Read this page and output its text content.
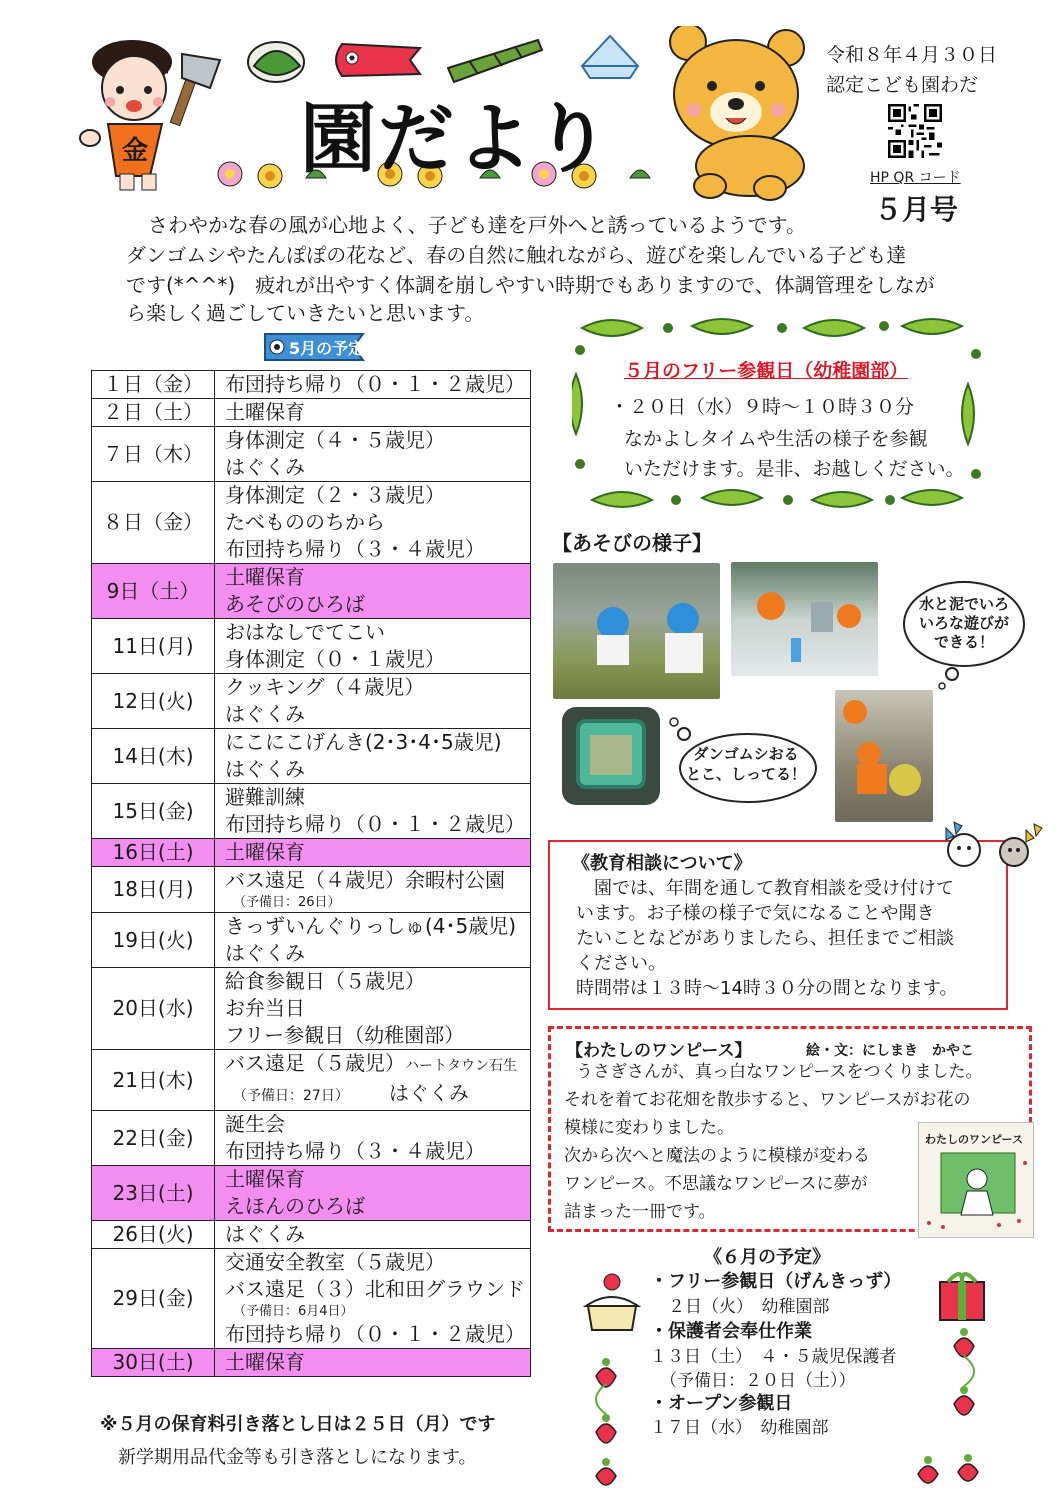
金 園だより
令和８年４月３０日
認定こども園わだ
HP QR コード
５月号
さわやかな春の風が心地よく、子ども達を戸外へと誘っているようです。
ダンゴムシやたんぽぽの花など、春の自然に触れながら、遊びを楽しんでいる子ども達
です(*^^*)　疲れが出やすく体調を崩しやすい時期でもありますので、体調管理をしなが
ら楽しく過ごしていきたいと思います。
5月の予定
１日（金）	布団持ち帰り（０・１・２歳児）

２日（土）	土曜保育

７日（木）	身体測定（４・５歳児）
はぐくみ

８日（金）	身体測定（２・３歳児）
たべもののちから
布団持ち帰り（３・４歳児）

9日（土）	土曜保育
あそびのひろば

11日(月)	おはなしでてこい
身体測定（０・１歳児）

12日(火)	クッキング（４歳児）
はぐくみ

14日(木)	にこにこげんき(2･3･4･5歳児)
はぐくみ

15日(金)	避難訓練
布団持ち帰り（０・１・２歳児）

16日(土)	土曜保育

18日(月)	バス遠足（４歳児）余暇村公園
（予備日：26日）

19日(火)	きっずいんぐりっしゅ(4･5歳児)
はぐくみ

20日(水)	給食参観日（５歳児）
お弁当日
フリー参観日（幼稚園部）

21日(木)	バス遠足（５歳児）ハートタウン石生
（予備日：27日） はぐくみ

22日(金)	誕生会
布団持ち帰り（３・４歳児）

23日(土)	土曜保育
えほんのひろば

26日(火)	はぐくみ

29日(金)	交通安全教室（５歳児）
バス遠足（３）北和田グラウンド
（予備日：6月4日）
布団持ち帰り（０・１・２歳児）

30日(土)	土曜保育
※５月の保育料引き落とし日は２５日（月）です
新学期用品代金等も引き落としになります。
５月のフリー参観日（幼稚園部）
・２０日（水）９時～１０時３０分
なかよしタイムや生活の様子を参観
いただけます。是非、お越しください。
【あそびの様子】
水と泥でいろ
いろな遊びが
できる！
ダンゴムシおる
とこ、しってる！
《教育相談について》
　園では、年間を通して教育相談を受け付けて
います。お子様の様子で気になることや聞き
たいことなどがありましたら、担任までご相談
ください。
時間帯は１３時～14時３０分の間となります。
【わたしのワンピース】	絵・文：にしまき　かやこ
うさぎさんが、真っ白なワンピースをつくりました。
それを着てお花畑を散歩すると、ワンピースがお花の
模様に変わりました。
次から次へと魔法のように模様が変わる
ワンピース。不思議なワンピースに夢が
詰まった一冊です。
わたしのワンピース
《６月の予定》
・フリー参観日（げんきっず）
２日（火）　幼稚園部
・保護者会奉仕作業
１３日（土）　４・５歳児保護者
（予備日：２０日（土））
・オープン参観日
１７日（水）　幼稚園部
